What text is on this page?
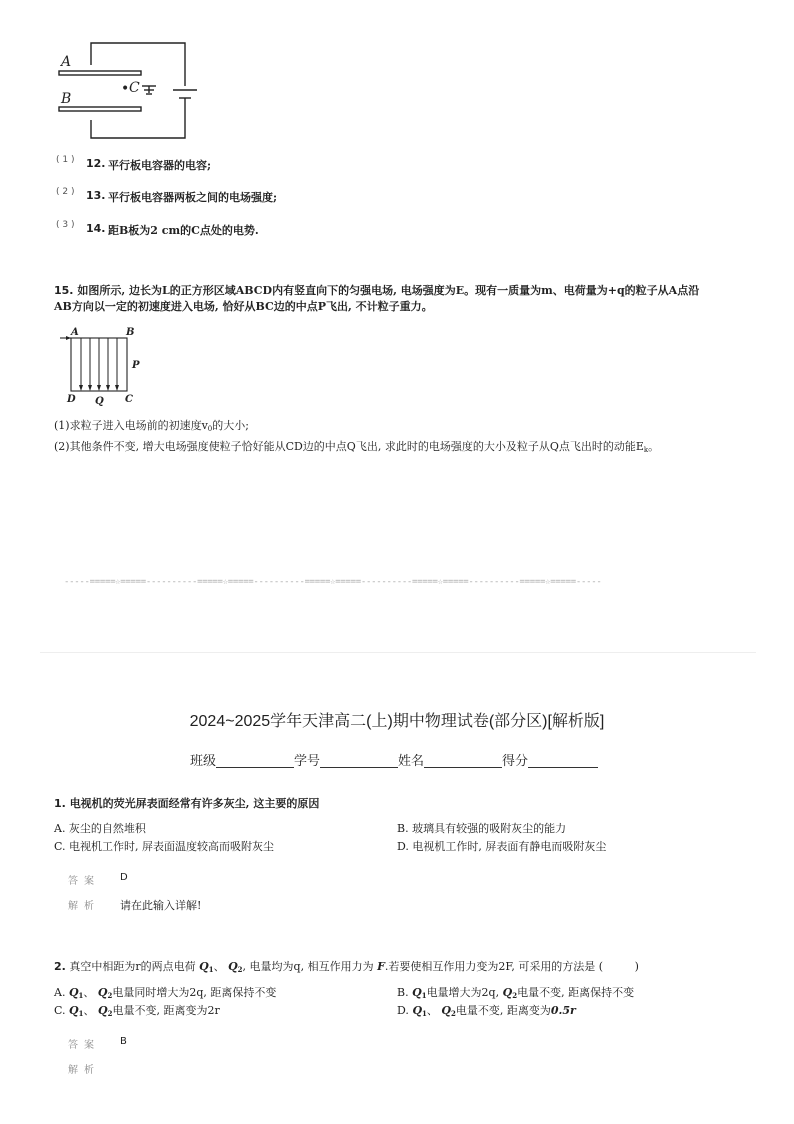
A
B
• C
( 1 ) 12. 平行板电容器的电容;
( 2 ) 13. 平行板电容器两板之间的电场强度;
( 3 ) 14. 距B板为2 cm的C点处的电势.
15. 如图所示, 边长为L的正方形区域ABCD内有竖直向下的匀强电场, 电场强度为E。现有一质量为m、电荷量为+q的粒子从A点沿
AB方向以一定的初速度进入电场, 恰好从BC边的中点P飞出, 不计粒子重力。
A	B
D	C
P
Q
(1)求粒子进入电场前的初速度$v_0$的大小;
(2)其他条件不变, 增大电场强度使粒子恰好能从CD边的中点Q飞出, 求此时的电场强度的大小及粒子从Q点飞出时的动能$E_k$。
-----=====☆=====----------=====☆=====----------=====☆=====----------=====☆=====----------=====☆=====-----
2024~2025学年天津高二(上)期中物理试卷(部分区)[解析版]
班级	学号	姓名	得分
1. 电视机的荧光屏表面经常有许多灰尘, 这主要的原因
A. 灰尘的自然堆积	B. 玻璃具有较强的吸附灰尘的能力
C. 电视机工作时, 屏表面温度较高而吸附灰尘	D. 电视机工作时, 屏表面有静电而吸附灰尘
答案 D
解析 请在此输入详解!
2. 真空中相距为r的两点电荷 $Q_1$、 $Q_2$, 电量均为q, 相互作用力为 F.若要使相互作用力变为2F, 可采用的方法是 (	)
A. $Q_1$、 $Q_2$电量同时增大为2q, 距离保持不变	B. $Q_1$电量增大为2q, $Q_2$电量不变, 距离保持不变
C. $Q_1$、 $Q_2$电量不变, 距离变为2r	D. $Q_1$、 $Q_2$电量不变, 距离变为0.5r
答案 B
解析
